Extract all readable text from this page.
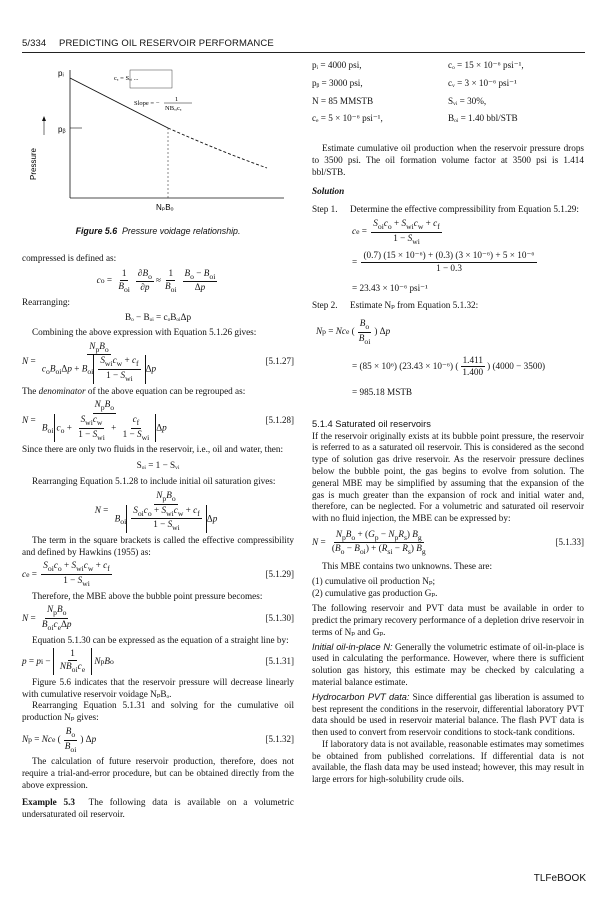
5/334 PREDICTING OIL RESERVOIR PERFORMANCE
pᵢ
pᵦ
Pressure
NₚBₒ
Slope = −
1
NBₒᵢcₑ
cₑ = Sₒᵢ ...
Figure 5.6 Pressure voidage relationship.

compressed is defined as:

c $o = \frac{1}{B_{oi}} \frac{\partial B_o}{\partial p} \approx \frac{1}{B_{oi}} \frac{B_o - B_{oi}}{\Delta p}$

Rearranging:

Bₒ − Bₒᵢ = cₒBₒᵢΔp

Combining the above expression with Equation 5.1.26 gives:

$N = \frac{N_pB_o}{c_oB_{oi}\Delta p + B_{oi} \frac{S_{wi}c_w + c_f}{1 - S_{wi}} \Delta p}$	[5.1.27]

The denominator of the above equation can be regrouped as:

$N = \frac{N_pB_o}{B_{oi} c_o + \frac{S_{wi}c_w}{1 - S_{wi}} + \frac{c_f}{1 - S_{wi}} \Delta p}$	[5.1.28]

Since there are only two fluids in the reservoir, i.e., oil and water, then:

Sₒᵢ = 1 − Sᵥᵢ

Rearranging Equation 5.1.28 to include initial oil saturation gives:

$N = \frac{N_pB_o}{B_{oi} \frac{S_{oi}c_o + S_{wi}c_w + c_f}{1 - S_{wi}} \Delta p}$

The term in the square brackets is called the effective compressibility and defined by Hawkins (1955) as:

c $e = \frac{S_{oi}c_o + S_{wi}c_w + c_f}{1 - S_{wi}}$	[5.1.29]

Therefore, the MBE above the bubble point pressure becomes:

$N = \frac{N_pB_o}{B_{oi}c_e\Delta p}$	[5.1.30]

Equation 5.1.30 can be expressed as the equation of a straight line by:

p = p $i - \frac{1}{NB_{oi}c_e}$
N p B o	[5.1.31]

Figure 5.6 indicates that the reservoir pressure will decrease linearly with cumulative reservoir voidage NₚBₒ.

Rearranging Equation 5.1.31 and solving for the cumulative oil production Nₚ gives:

N p = Nc e ( $\frac{B_o}{B_{oi}}$ ) Δ p	[5.1.32]

The calculation of future reservoir production, therefore, does not require a trial-and-error procedure, but can be obtained directly from the above expression.

Example 5.3 The following data is available on a volumetric undersaturated oil reservoir.

pᵢ = 4000 psi,	cₒ = 15 × 10⁻⁶ psi⁻¹,
pᵦ = 3000 psi,	cᵥ = 3 × 10⁻⁶ psi⁻¹
N = 85 MMSTB	Sᵥᵢ = 30%,
cₑ = 5 × 10⁻⁶ psi⁻¹,	Bₒᵢ = 1.40 bbl/STB

Estimate cumulative oil production when the reservoir pressure drops to 3500 psi. The oil formation volume factor at 3500 psi is 1.414 bbl/STB.

Solution

Step 1.	Determine the effective compressibility from Equation 5.1.29:
c $e = \frac{S_{oi}c_o + S_{wi}c_w + c_f}{1 - S_{wi}}$
= $\frac{\text{(0.7) (15 × 10⁻⁶) + (0.3) (3 × 10⁻⁶) + 5 × 10⁻⁶}}{1 - 0.3}$
= 23.43 × 10⁻⁶ psi⁻¹
Step 2.	Estimate Nₚ from Equation 5.1.32:
N p = Nc e ( $\frac{B_o}{B_{oi}}$ ) Δ p
= (85 × 10⁶) (23.43 × 10⁻⁶) ( $\frac{1.411}{1.400}$ ) (4000 − 3500)
= 985.18 MSTB
5.1.4 Saturated oil reservoirs

If the reservoir originally exists at its bubble point pressure, the reservoir is referred to as a saturated oil reservoir. This is considered as the second type of solution gas drive reservoir. As the reservoir pressure declines below the bubble point, the gas begins to evolve from solution. The general MBE may be simplified by assuming that the expansion of the gas is much greater than the expansion of rock and initial water and, therefore, can be neglected. For a volumetric and saturated oil reservoir with no fluid injection, the MBE can be expressed by:

$N = \frac{N_pB_o + (G_p - N_pR_s) B_g}{(B_o - B_{oi}) + (R_{si} - R_s) B_g}$	[5.1.33]

This MBE contains two unknowns. These are:

(1) cumulative oil production Nₚ;

(2) cumulative gas production Gₚ.

The following reservoir and PVT data must be available in order to predict the primary recovery performance of a depletion drive reservoir in terms of Nₚ and Gₚ.

Initial oil-in-place N: Generally the volumetric estimate of oil-in-place is used in calculating the performance. However, where there is sufficient solution gas history, this estimate may be checked by calculating a material balance estimate.

Hydrocarbon PVT data: Since differential gas liberation is assumed to best represent the conditions in the reservoir, differential laboratory PVT data should be used in reservoir material balance. The flash PVT data is then used to convert from reservoir conditions to stock-tank conditions.

If laboratory data is not available, reasonable estimates may sometimes be obtained from published correlations. If differential data is not available, the flash data may be used instead; however, this may result in large errors for high-solubility crude oils.

TLFeBOOK
